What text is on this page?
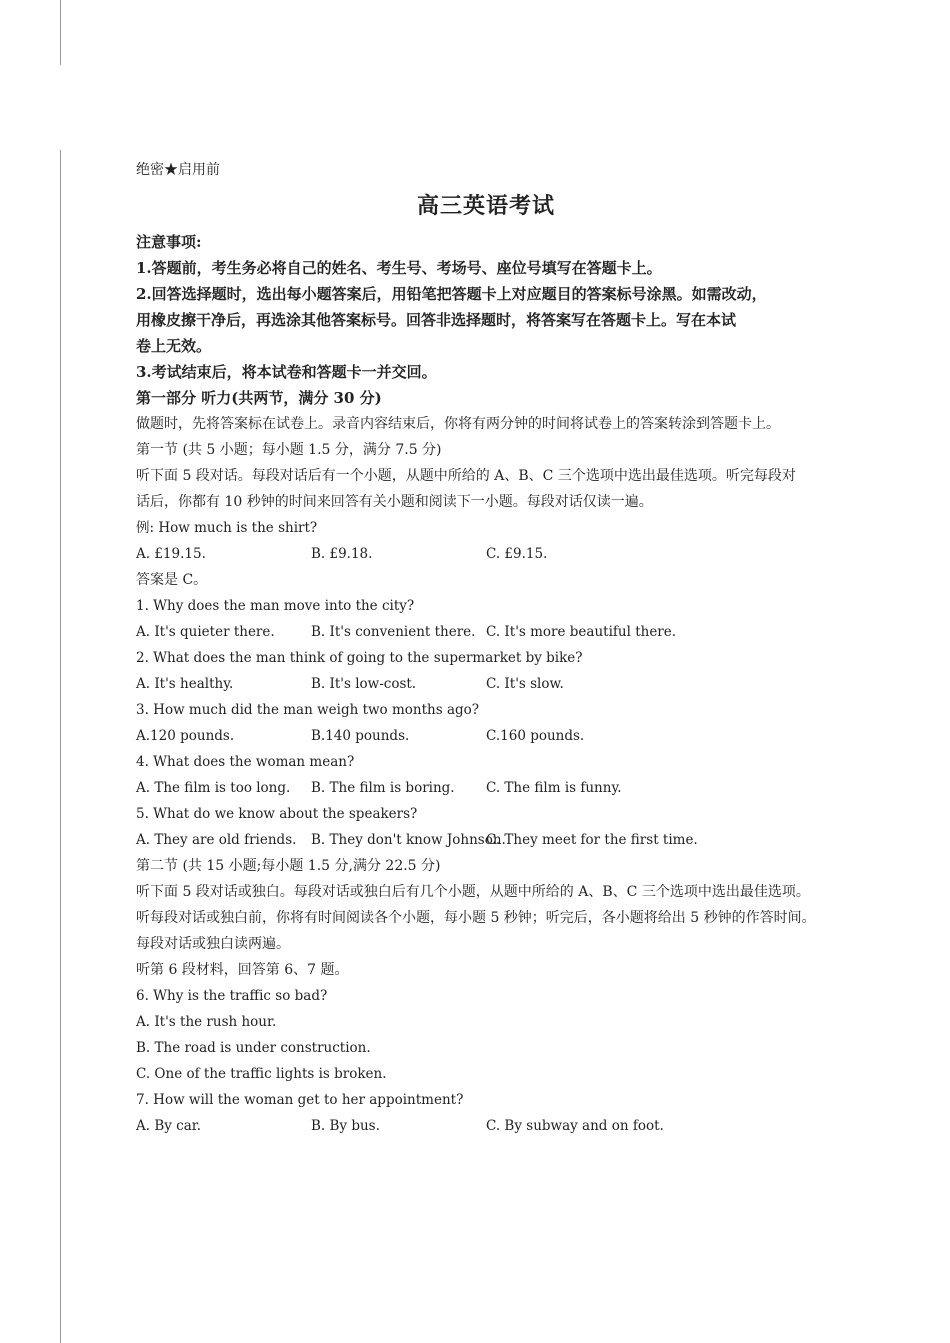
绝密★启用前
高三英语考试
注意事项:
1.答题前，考生务必将自己的姓名、考生号、考场号、座位号填写在答题卡上。
2.回答选择题时，选出每小题答案后，用铅笔把答题卡上对应题目的答案标号涂黑。如需改动，
用橡皮擦干净后，再选涂其他答案标号。回答非选择题时，将答案写在答题卡上。写在本试
卷上无效。
3.考试结束后，将本试卷和答题卡一并交回。
第一部分 听力(共两节，满分 30 分)
做题时，先将答案标在试卷上。录音内容结束后，你将有两分钟的时间将试卷上的答案转涂到答题卡上。
第一节 (共 5 小题；每小题 1.5 分，满分 7.5 分)
听下面 5 段对话。每段对话后有一个小题，从题中所给的 A、B、C 三个选项中选出最佳选项。听完每段对
话后，你都有 10 秒钟的时间来回答有关小题和阅读下一小题。每段对话仅读一遍。
例: How much is the shirt?
A. £19.15.	B. £9.18.	C. £9.15.
答案是 C。
1. Why does the man move into the city?
A. It's quieter there.	B. It's convenient there. C. It's more beautiful there.
2. What does the man think of going to the supermarket by bike?
A. It's healthy.	B. It's low-cost.	C. It's slow.
3. How much did the man weigh two months ago?
A.120 pounds.	B.140 pounds.	C.160 pounds.
4. What does the woman mean?
A. The film is too long. B. The film is boring. C. The film is funny.
5. What do we know about the speakers?
A. They are old friends. B. They don't know Johnson.
C. They meet for the first time.
第二节 (共 15 小题;每小题 1.5 分,满分 22.5 分)
听下面 5 段对话或独白。每段对话或独白后有几个小题，从题中所给的 A、B、C 三个选项中选出最佳选项。
听每段对话或独白前，你将有时间阅读各个小题，每小题 5 秒钟；听完后，各小题将给出 5 秒钟的作答时间。
每段对话或独白读两遍。
听第 6 段材料，回答第 6、7 题。
6. Why is the traffic so bad?
A. It's the rush hour.
B. The road is under construction.
C. One of the traffic lights is broken.
7. How will the woman get to her appointment?
A. By car.	B. By bus.	C. By subway and on foot.
